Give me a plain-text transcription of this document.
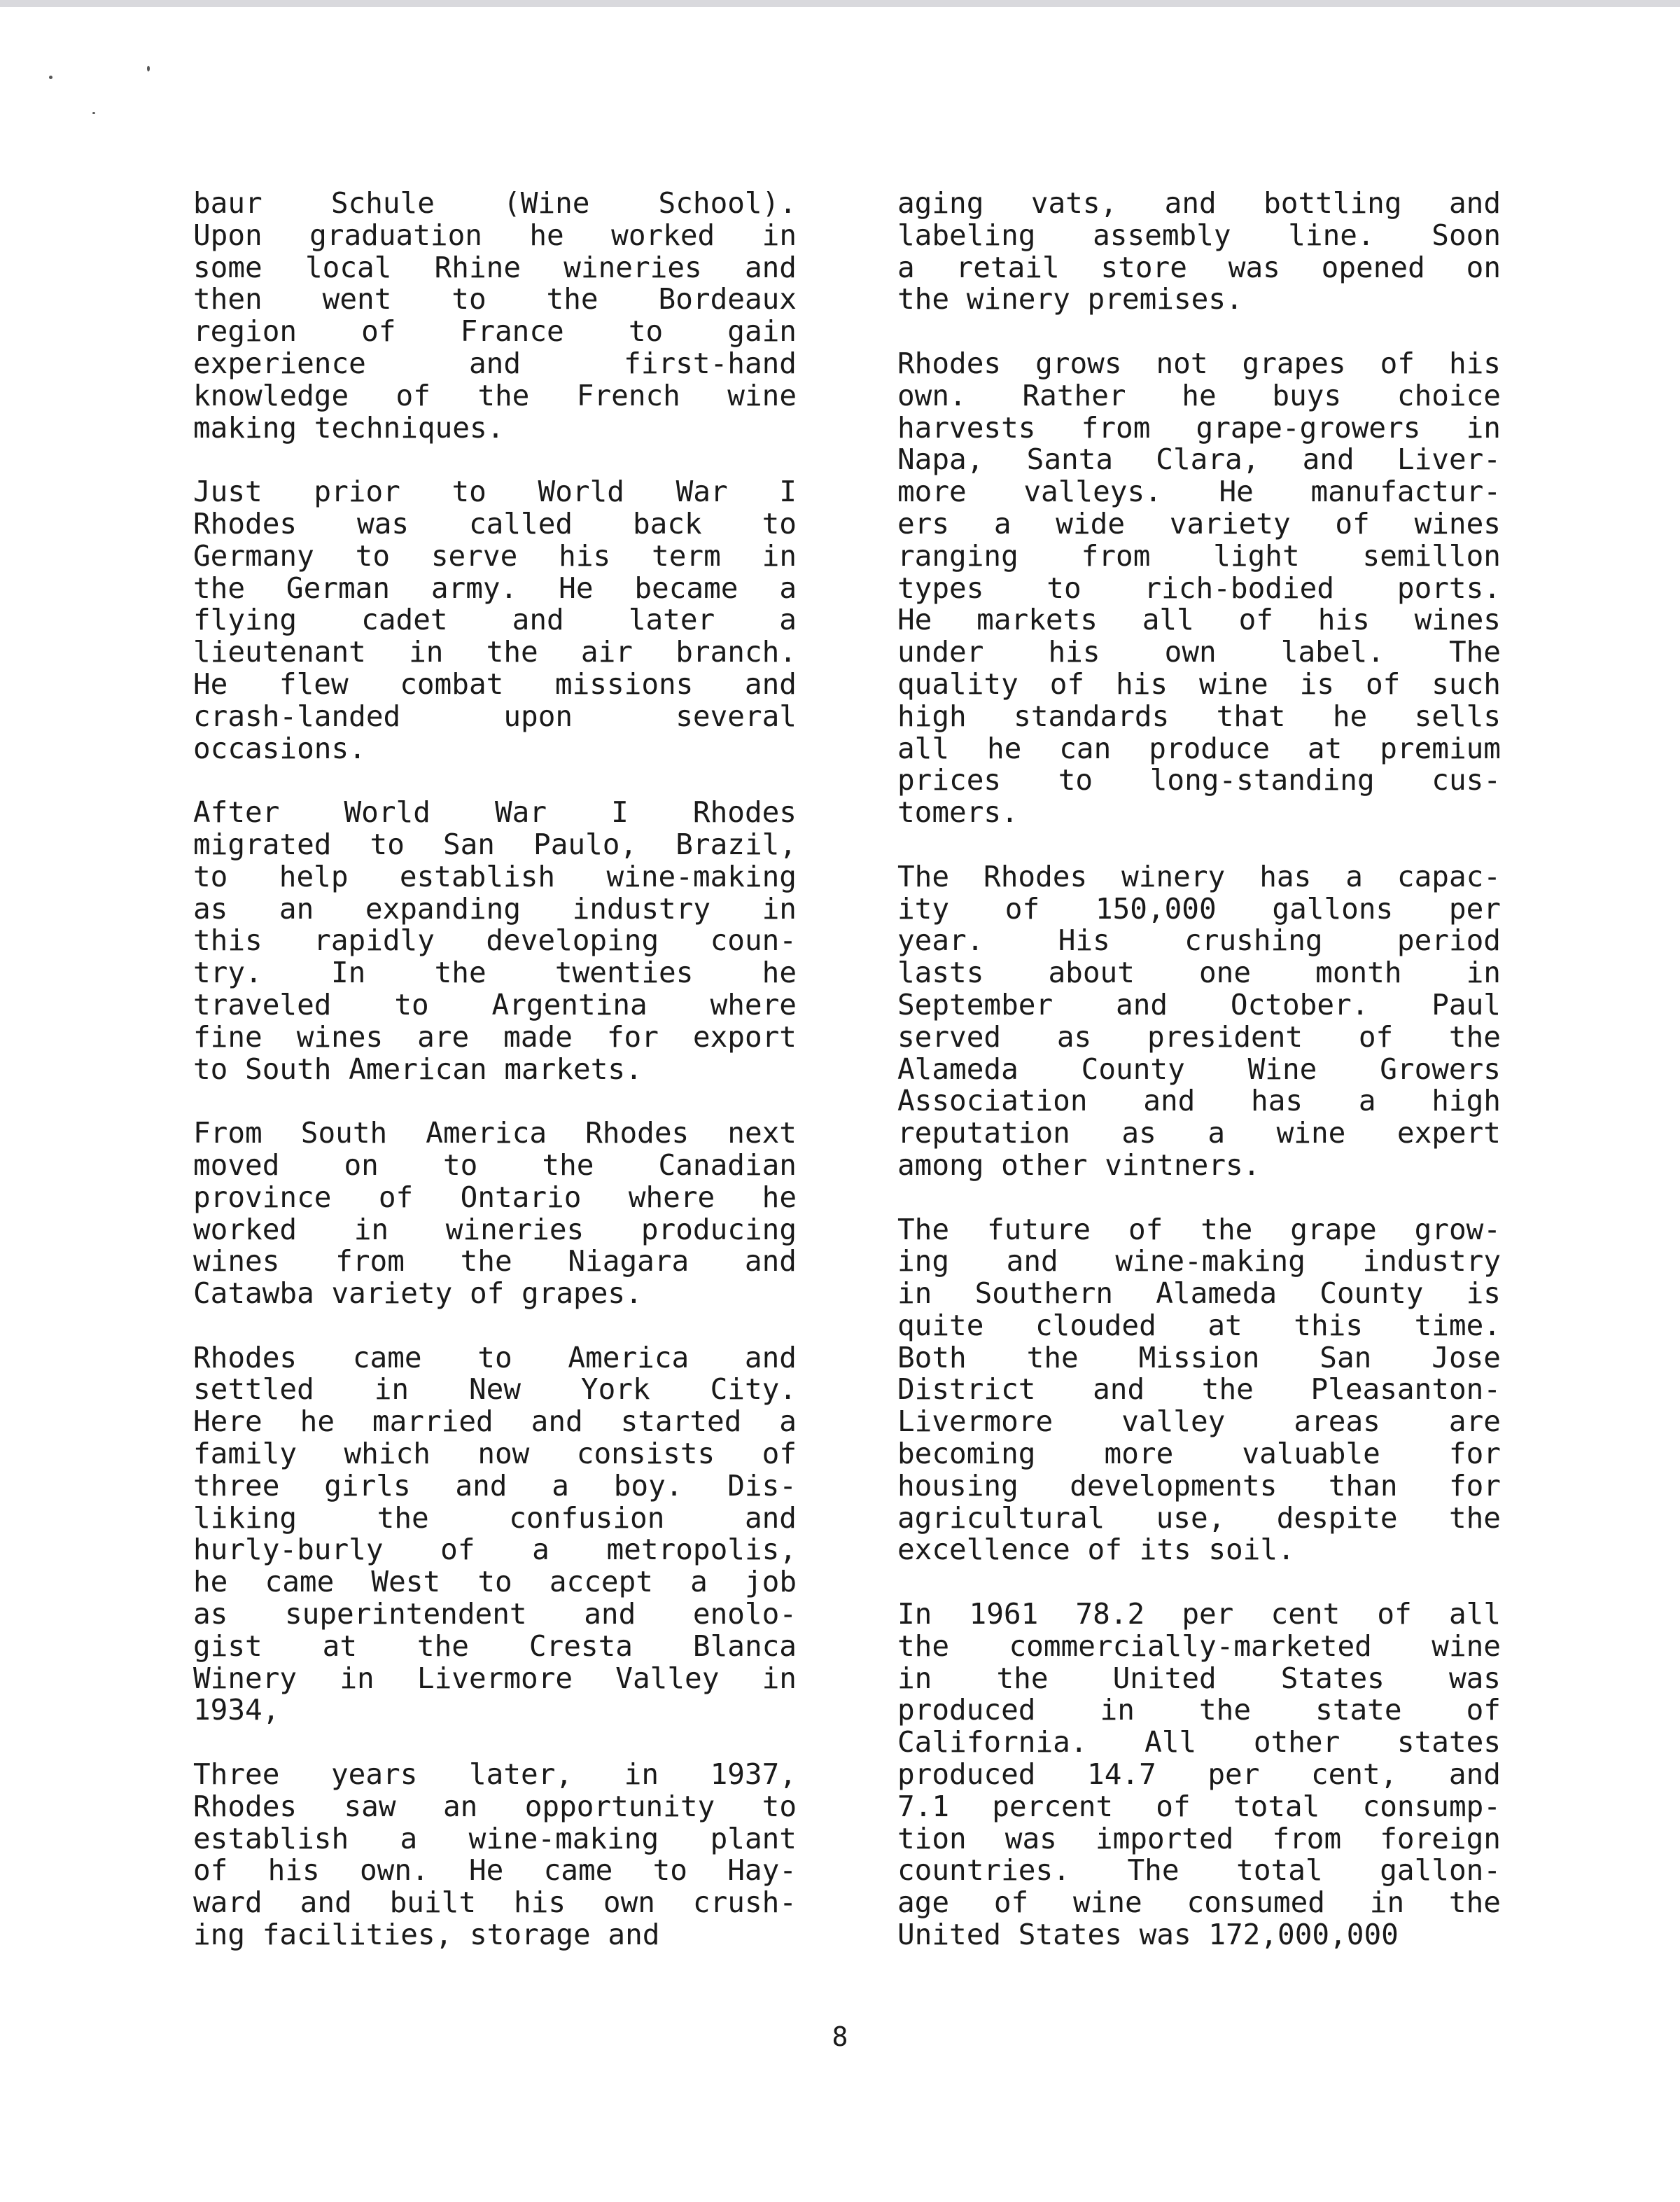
baur Schule (Wine School).
Upon graduation he worked in
some local Rhine wineries and
then went to the Bordeaux
region of France to gain
experience and first-hand
knowledge of the French wine
making techniques.
Just prior to World War I
Rhodes was called back to
Germany to serve his term in
the German army. He became a
flying cadet and later a
lieutenant in the air branch.
He flew combat missions and
crash-landed upon several
occasions.
After World War I Rhodes
migrated to San Paulo, Brazil,
to help establish wine-making
as an expanding industry in
this rapidly developing coun-
try. In the twenties he
traveled to Argentina where
fine wines are made for export
to South American markets.
From South America Rhodes next
moved on to the Canadian
province of Ontario where he
worked in wineries producing
wines from the Niagara and
Catawba variety of grapes.
Rhodes came to America and
settled in New York City.
Here he married and started a
family which now consists of
three girls and a boy. Dis-
liking the confusion and
hurly-burly of a metropolis,
he came West to accept a job
as superintendent and enolo-
gist at the Cresta Blanca
Winery in Livermore Valley in
1934,
Three years later, in 1937,
Rhodes saw an opportunity to
establish a wine-making plant
of his own. He came to Hay-
ward and built his own crush-
ing facilities, storage and
aging vats, and bottling and
labeling assembly line. Soon
a retail store was opened on
the winery premises.
Rhodes grows not grapes of his
own. Rather he buys choice
harvests from grape-growers in
Napa, Santa Clara, and Liver-
more valleys. He manufactur-
ers a wide variety of wines
ranging from light semillon
types to rich-bodied ports.
He markets all of his wines
under his own label. The
quality of his wine is of such
high standards that he sells
all he can produce at premium
prices to long-standing cus-
tomers.
The Rhodes winery has a capac-
ity of 150,000 gallons per
year. His crushing period
lasts about one month in
September and October. Paul
served as president of the
Alameda County Wine Growers
Association and has a high
reputation as a wine expert
among other vintners.
The future of the grape grow-
ing and wine-making industry
in Southern Alameda County is
quite clouded at this time.
Both the Mission San Jose
District and the Pleasanton-
Livermore valley areas are
becoming more valuable for
housing developments than for
agricultural use, despite the
excellence of its soil.
In 1961 78.2 per cent of all
the commercially-marketed wine
in the United States was
produced in the state of
California. All other states
produced 14.7 per cent, and
7.1 percent of total consump-
tion was imported from foreign
countries. The total gallon-
age of wine consumed in the
United States was 172,000,000
8
